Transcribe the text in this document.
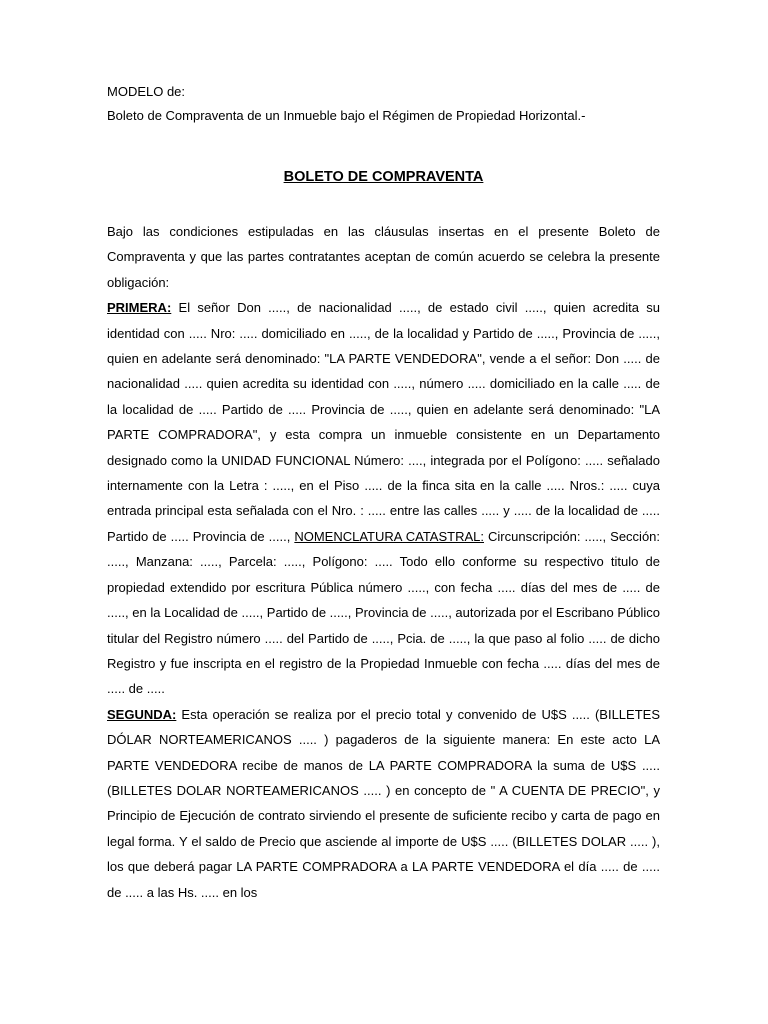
MODELO de:

Boleto de Compraventa de un Inmueble bajo el Régimen de Propiedad Horizontal.-

BOLETO DE COMPRAVENTA

Bajo las condiciones estipuladas en las cláusulas insertas en el presente Boleto de Compraventa y que las partes contratantes aceptan de común acuerdo se celebra la presente obligación:

PRIMERA: El señor Don ....., de nacionalidad ....., de estado civil ....., quien acredita su identidad con ..... Nro: ..... domiciliado en ....., de la localidad y Partido de ....., Provincia de ....., quien en adelante será denominado: "LA PARTE VENDEDORA", vende a el señor: Don ..... de nacionalidad ..... quien acredita su identidad con ....., número ..... domiciliado en la calle ..... de la localidad de ..... Partido de ..... Provincia de ....., quien en adelante será denominado: "LA PARTE COMPRADORA", y esta compra un inmueble consistente en un Departamento designado como la UNIDAD FUNCIONAL Número: ...., integrada por el Polígono: ..... señalado internamente con la Letra : ....., en el Piso ..... de la finca sita en la calle ..... Nros.: ..... cuya entrada principal esta señalada con el Nro. : ..... entre las calles ..... y ..... de la localidad de ..... Partido de ..... Provincia de ....., NOMENCLATURA CATASTRAL: Circunscripción: ....., Sección: ....., Manzana: ....., Parcela: ....., Polígono: ..... Todo ello conforme su respectivo titulo de propiedad extendido por escritura Pública número ....., con fecha ..... días del mes de ..... de ....., en la Localidad de ....., Partido de ....., Provincia de ....., autorizada por el Escribano Público titular del Registro número ..... del Partido de ....., Pcia. de ....., la que paso al folio ..... de dicho Registro y fue inscripta en el registro de la Propiedad Inmueble con fecha ..... días del mes de ..... de .....

SEGUNDA: Esta operación se realiza por el precio total y convenido de U$S ..... (BILLETES DÓLAR NORTEAMERICANOS ..... ) pagaderos de la siguiente manera: En este acto LA PARTE VENDEDORA recibe de manos de LA PARTE COMPRADORA la suma de U$S ..... (BILLETES DOLAR NORTEAMERICANOS ..... ) en concepto de " A CUENTA DE PRECIO", y Principio de Ejecución de contrato sirviendo el presente de suficiente recibo y carta de pago en legal forma. Y el saldo de Precio que asciende al importe de U$S ..... (BILLETES DOLAR ..... ), los que deberá pagar LA PARTE COMPRADORA a LA PARTE VENDEDORA el día ..... de ..... de ..... a las Hs. ..... en los
